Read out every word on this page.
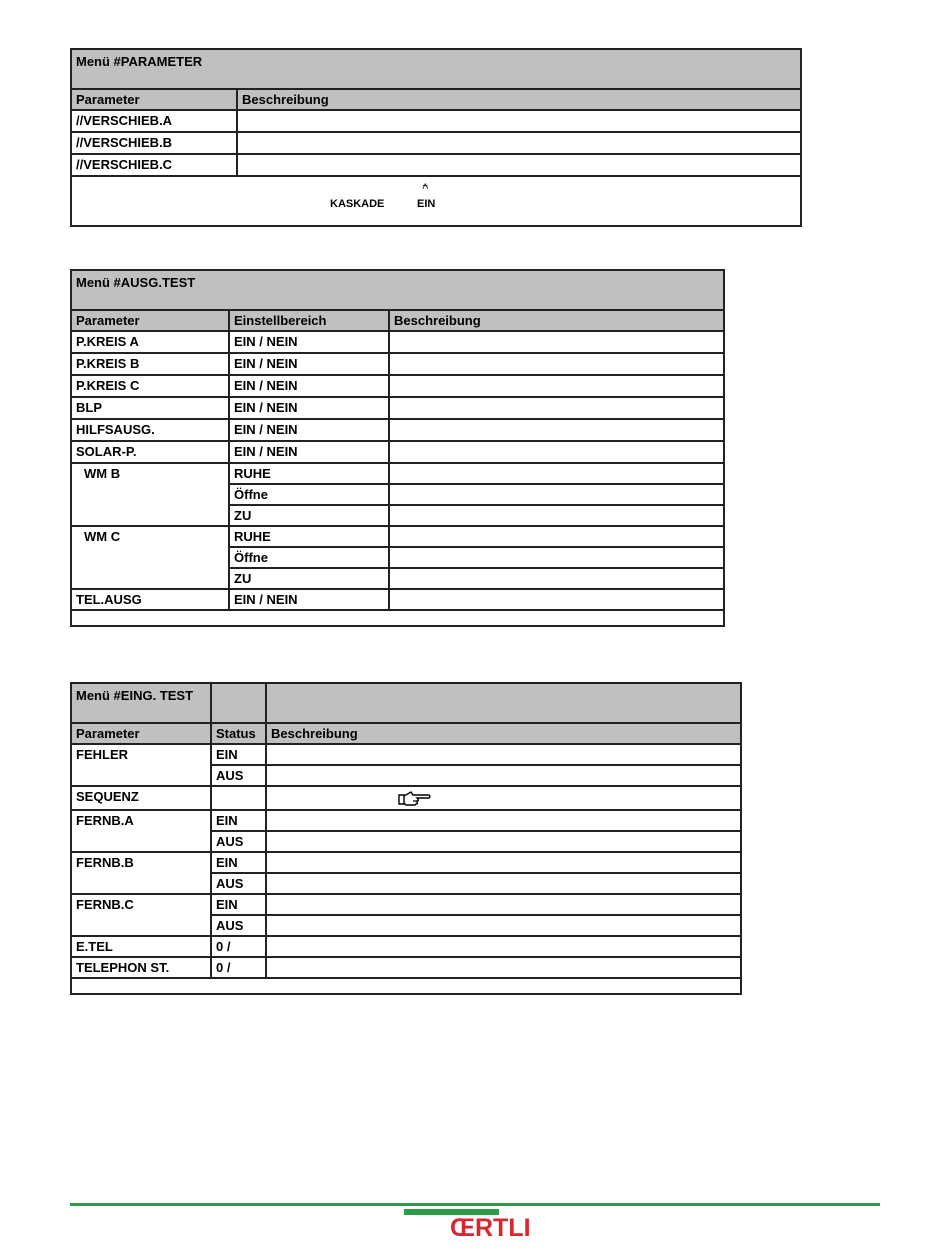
Menü #PARAMETER	
Parameter	Beschreibung
//VERSCHIEB.A	
//VERSCHIEB.B	
//VERSCHIEB.C	

⍲
KASKADE EIN	
Menü #AUSG.TEST		
Parameter	Einstellbereich	Beschreibung
P.KREIS A	EIN / NEIN	
P.KREIS B	EIN / NEIN	
P.KREIS C	EIN / NEIN	
BLP	EIN / NEIN	
HILFSAUSG.	EIN / NEIN	
SOLAR-P.	EIN / NEIN	
WM B	RUHE	
	Öffne	
	ZU	
WM C	RUHE	
	Öffne	
	ZU	
TEL.AUSG	EIN / NEIN	

Menü #EING. TEST		
Parameter	Status	Beschreibung
FEHLER	EIN	
	AUS	
SEQUENZ		

FERNB.A	EIN	
	AUS	
FERNB.B	EIN	
	AUS	
FERNB.C	EIN	
	AUS	
E.TEL	0 /	
TELEPHON ST.	0 /	

ŒRTLI
